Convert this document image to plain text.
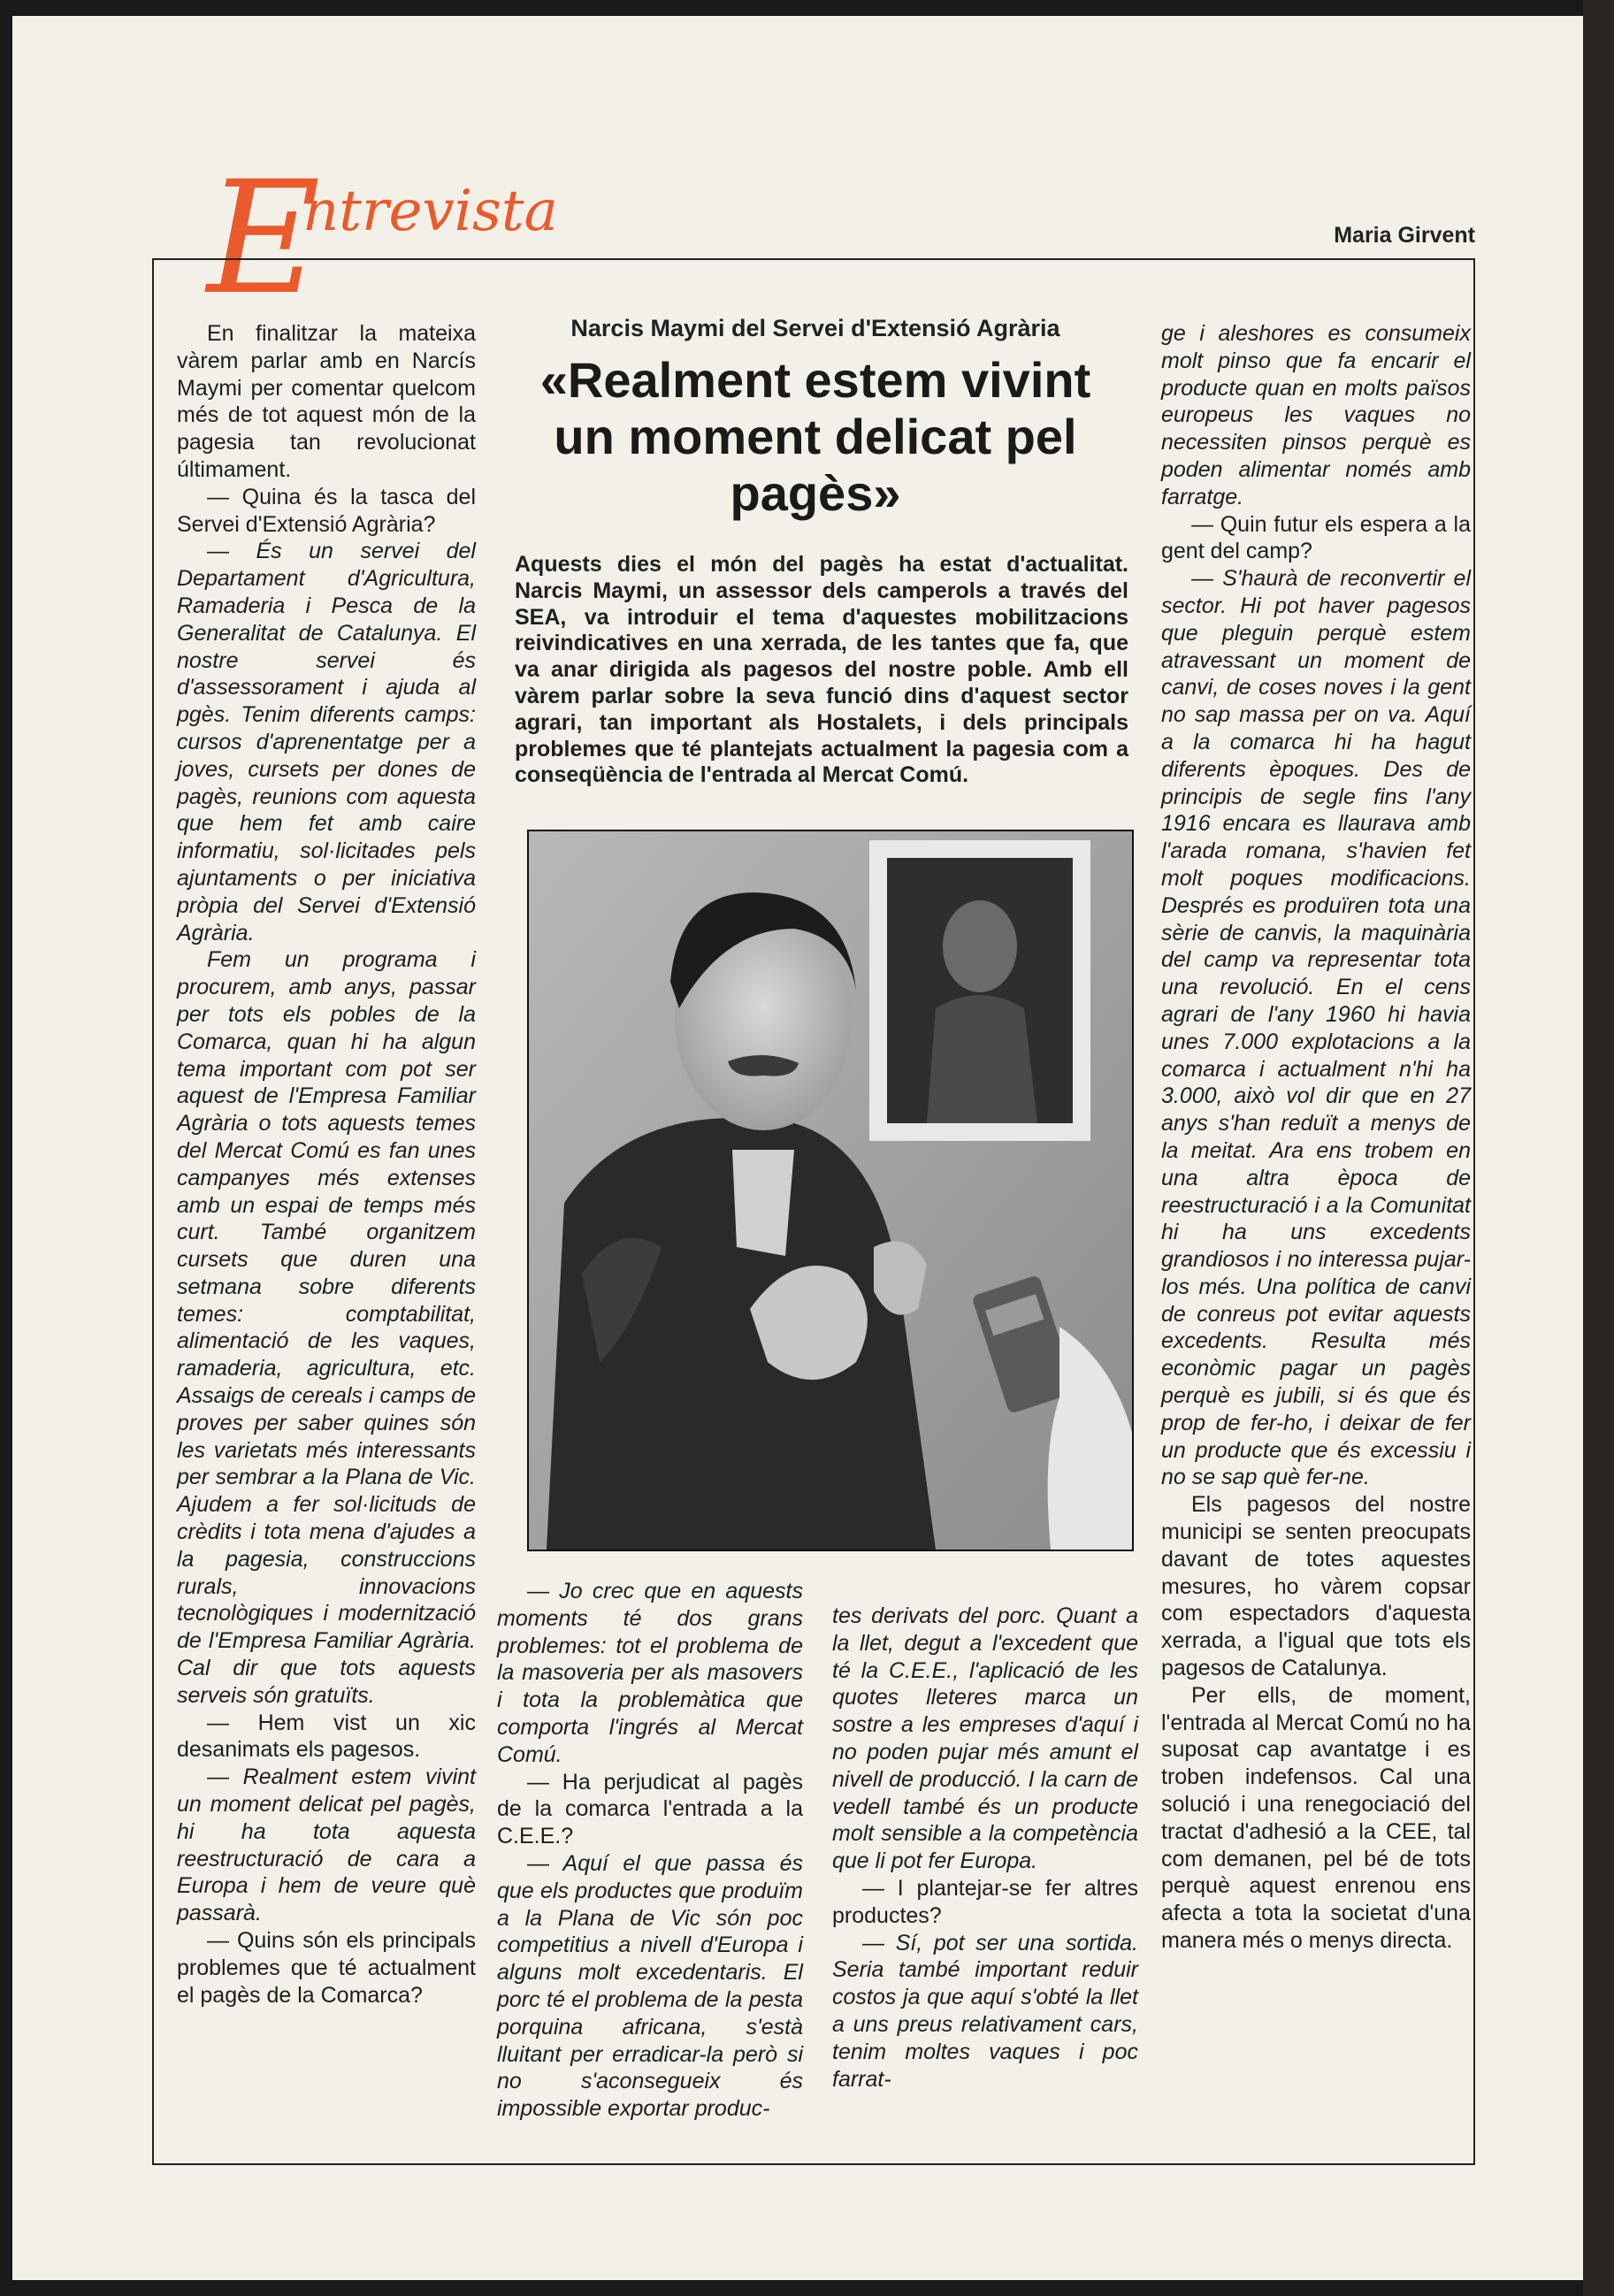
E
ntrevista	Maria Girvent
Narcis Maymi del Servei d'Extensió Agrària
«Realment estem vivint un moment delicat pel pagès»
Aquests dies el món del pagès ha estat d'actualitat. Narcis Maymi, un assessor dels camperols a través del SEA, va introduir el tema d'aquestes mobilitzacions reivindicatives en una xerrada, de les tantes que fa, que va anar dirigida als pagesos del nostre poble. Amb ell vàrem parlar sobre la seva funció dins d'aquest sector agrari, tan important als Hostalets, i dels principals problemes que té plantejats actualment la pagesia com a conseqüència de l'entrada al Mercat Comú.

En finalitzar la mateixa vàrem parlar amb en Narcís Maymi per comentar quelcom més de tot aquest món de la pagesia tan revolucionat últimament.

— Quina és la tasca del Servei d'Extensió Agrària?

— És un servei del Departament d'Agricultura, Ramaderia i Pesca de la Generalitat de Catalunya. El nostre servei és d'assessorament i ajuda al pgès. Tenim diferents camps: cursos d'aprenentatge per a joves, cursets per dones de pagès, reunions com aquesta que hem fet amb caire informatiu, sol·licitades pels ajuntaments o per iniciativa pròpia del Servei d'Extensió Agrària.

Fem un programa i procurem, amb anys, passar per tots els pobles de la Comarca, quan hi ha algun tema important com pot ser aquest de l'Empresa Familiar Agrària o tots aquests temes del Mercat Comú es fan unes campanyes més extenses amb un espai de temps més curt. També organitzem cursets que duren una setmana sobre diferents temes: comptabilitat, alimentació de les vaques, ramaderia, agricultura, etc. Assaigs de cereals i camps de proves per saber quines són les varietats més interessants per sembrar a la Plana de Vic. Ajudem a fer sol·licituds de crèdits i tota mena d'ajudes a la pagesia, construccions rurals, innovacions tecnològiques i modernització de l'Empresa Familiar Agrària. Cal dir que tots aquests serveis són gratuïts.

— Hem vist un xic desanimats els pagesos.

— Realment estem vivint un moment delicat pel pagès, hi ha tota aquesta reestructuració de cara a Europa i hem de veure què passarà.

— Quins són els principals problemes que té actualment el pagès de la Comarca?

— Jo crec que en aquests moments té dos grans problemes: tot el problema de la masoveria per als masovers i tota la problemàtica que comporta l'ingrés al Mercat Comú.

— Ha perjudicat al pagès de la comarca l'entrada a la C.E.E.?

— Aquí el que passa és que els productes que produïm a la Plana de Vic són poc competitius a nivell d'Europa i alguns molt excedentaris. El porc té el problema de la pesta porquina africana, s'està lluitant per erradicar-la però si no s'aconsegueix és impossible exportar produc-

tes derivats del porc. Quant a la llet, degut a l'excedent que té la C.E.E., l'aplicació de les quotes lleteres marca un sostre a les empreses d'aquí i no poden pujar més amunt el nivell de producció. I la carn de vedell també és un producte molt sensible a la competència que li pot fer Europa.

— I plantejar-se fer altres productes?

— Sí, pot ser una sortida. Seria també important reduir costos ja que aquí s'obté la llet a uns preus relativament cars, tenim moltes vaques i poc farrat-

ge i aleshores es consumeix molt pinso que fa encarir el producte quan en molts països europeus les vaques no necessiten pinsos perquè es poden alimentar només amb farratge.

— Quin futur els espera a la gent del camp?

— S'haurà de reconvertir el sector. Hi pot haver pagesos que pleguin perquè estem atravessant un moment de canvi, de coses noves i la gent no sap massa per on va. Aquí a la comarca hi ha hagut diferents èpoques. Des de principis de segle fins l'any 1916 encara es llaurava amb l'arada romana, s'havien fet molt poques modificacions. Després es produïren tota una sèrie de canvis, la maquinària del camp va representar tota una revolució. En el cens agrari de l'any 1960 hi havia unes 7.000 explotacions a la comarca i actualment n'hi ha 3.000, això vol dir que en 27 anys s'han reduït a menys de la meitat. Ara ens trobem en una altra època de reestructuració i a la Comunitat hi ha uns excedents grandiosos i no interessa pujar-los més. Una política de canvi de conreus pot evitar aquests excedents. Resulta més econòmic pagar un pagès perquè es jubili, si és que és prop de fer-ho, i deixar de fer un producte que és excessiu i no se sap què fer-ne.

Els pagesos del nostre municipi se senten preocupats davant de totes aquestes mesures, ho vàrem copsar com espectadors d'aquesta xerrada, a l'igual que tots els pagesos de Catalunya.

Per ells, de moment, l'entrada al Mercat Comú no ha suposat cap avantatge i es troben indefensos. Cal una solució i una renegociació del tractat d'adhesió a la CEE, tal com demanen, pel bé de tots perquè aquest enrenou ens afecta a tota la societat d'una manera més o menys directa.
